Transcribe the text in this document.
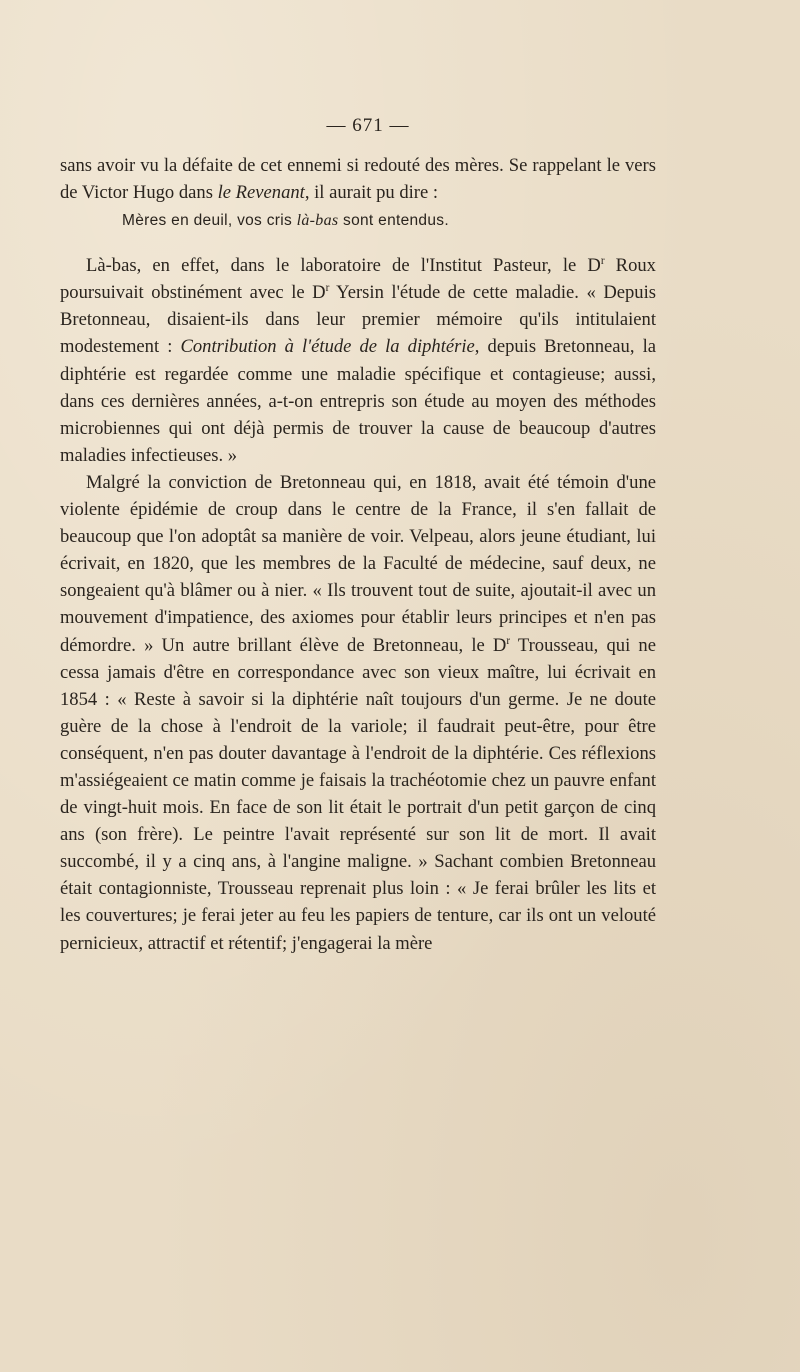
— 671 —

sans avoir vu la défaite de cet ennemi si redouté des mères. Se rappelant le vers de Victor Hugo dans le Revenant, il aurait pu dire :

Mères en deuil, vos cris là-bas sont entendus.

Là-bas, en effet, dans le laboratoire de l'Institut Pasteur, le $D^r$ Roux poursuivait obstinément avec le $D^r$ Yersin l'étude de cette maladie. « Depuis Bretonneau, disaient-ils dans leur premier mémoire qu'ils intitulaient modestement : Contribution à l'étude de la diphtérie, depuis Bretonneau, la diphtérie est regardée comme une maladie spécifique et contagieuse; aussi, dans ces dernières années, a-t-on entrepris son étude au moyen des méthodes microbiennes qui ont déjà permis de trouver la cause de beaucoup d'autres maladies infectieuses. »

Malgré la conviction de Bretonneau qui, en 1818, avait été témoin d'une violente épidémie de croup dans le centre de la France, il s'en fallait de beaucoup que l'on adoptât sa manière de voir. Velpeau, alors jeune étudiant, lui écrivait, en 1820, que les membres de la Faculté de médecine, sauf deux, ne songeaient qu'à blâmer ou à nier. « Ils trouvent tout de suite, ajoutait-il avec un mouvement d'impatience, des axiomes pour établir leurs principes et n'en pas démordre. » Un autre brillant élève de Bretonneau, le $D^r$ Trousseau, qui ne cessa jamais d'être en correspondance avec son vieux maître, lui écrivait en 1854 : « Reste à savoir si la diphtérie naît toujours d'un germe. Je ne doute guère de la chose à l'endroit de la variole; il faudrait peut-être, pour être conséquent, n'en pas douter davantage à l'endroit de la diphtérie. Ces réflexions m'assiégeaient ce matin comme je faisais la trachéotomie chez un pauvre enfant de vingt-huit mois. En face de son lit était le portrait d'un petit garçon de cinq ans (son frère). Le peintre l'avait représenté sur son lit de mort. Il avait succombé, il y a cinq ans, à l'angine maligne. » Sachant combien Bretonneau était contagionniste, Trousseau reprenait plus loin : « Je ferai brûler les lits et les couvertures; je ferai jeter au feu les papiers de tenture, car ils ont un velouté pernicieux, attractif et rétentif; j'engagerai la mère
